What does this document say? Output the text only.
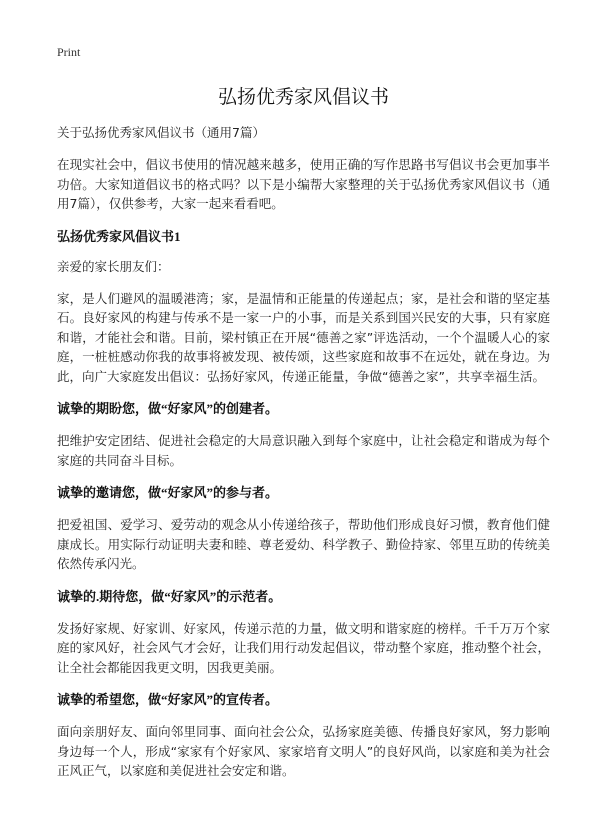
Print
弘扬优秀家风倡议书
关于弘扬优秀家风倡议书（通用7篇）

在现实社会中，倡议书使用的情况越来越多，使用正确的写作思路书写倡议书会更加事半功倍。大家知道倡议书的格式吗？以下是小编帮大家整理的关于弘扬优秀家风倡议书（通用7篇），仅供参考，大家一起来看看吧。

弘扬优秀家风倡议书1
亲爱的家长朋友们：

家，是人们避风的温暖港湾；家，是温情和正能量的传递起点；家，是社会和谐的坚定基石。良好家风的构建与传承不是一家一户的小事，而是关系到国兴民安的大事，只有家庭和谐，才能社会和谐。目前，梁村镇正在开展“德善之家”评选活动，一个个温暖人心的家庭，一桩桩感动你我的故事将被发现、被传颂，这些家庭和故事不在远处，就在身边。为此，向广大家庭发出倡议：弘扬好家风，传递正能量，争做“德善之家”，共享幸福生活。

诚挚的期盼您，做“好家风”的创建者。

把维护安定团结、促进社会稳定的大局意识融入到每个家庭中，让社会稳定和谐成为每个家庭的共同奋斗目标。

诚挚的邀请您，做“好家风”的参与者。

把爱祖国、爱学习、爱劳动的观念从小传递给孩子，帮助他们形成良好习惯，教育他们健康成长。用实际行动证明夫妻和睦、尊老爱幼、科学教子、勤俭持家、邻里互助的传统美依然传承闪光。

诚挚的.期待您，做“好家风”的示范者。

发扬好家规、好家训、好家风，传递示范的力量，做文明和谐家庭的榜样。千千万万个家庭的家风好，社会风气才会好，让我们用行动发起倡议，带动整个家庭，推动整个社会，让全社会都能因我更文明，因我更美丽。

诚挚的希望您，做“好家风”的宣传者。

面向亲朋好友、面向邻里同事、面向社会公众，弘扬家庭美德、传播良好家风，努力影响身边每一个人，形成“家家有个好家风、家家培育文明人”的良好风尚，以家庭和美为社会正风正气，以家庭和美促进社会安定和谐。
